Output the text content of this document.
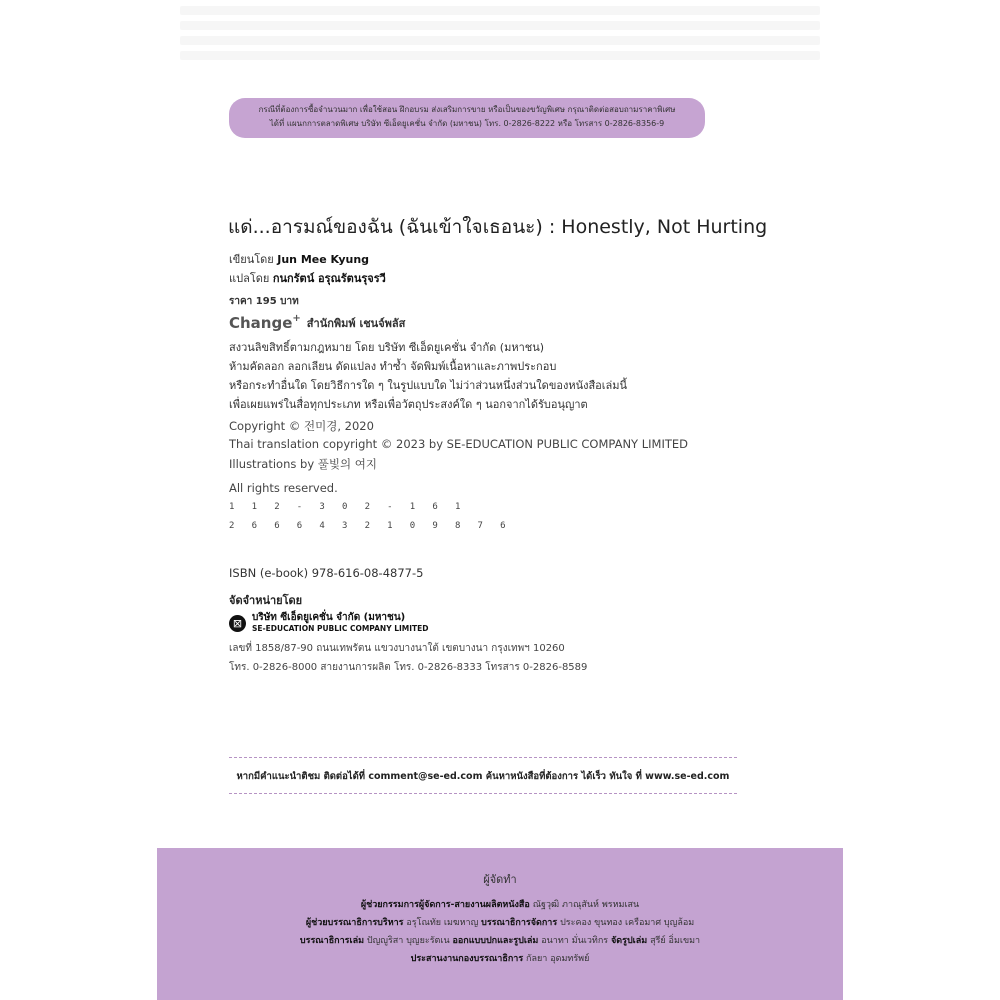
กรณีที่ต้องการซื้อจำนวนมาก เพื่อใช้สอน ฝึกอบรม ส่งเสริมการขาย หรือเป็นของขวัญพิเศษ กรุณาติดต่อสอบถามราคาพิเศษ
ได้ที่ แผนกการตลาดพิเศษ บริษัท ซีเอ็ดยูเคชั่น จำกัด (มหาชน) โทร. 0-2826-8222 หรือ โทรสาร 0-2826-8356-9
แด่...อารมณ์ของฉัน (ฉันเข้าใจเธอนะ) : Honestly, Not Hurting
เขียนโดย Jun Mee Kyung
แปลโดย กนกรัตน์ อรุณรัตนรุจรวี
ราคา 195 บาท
Change+ สำนักพิมพ์ เชนจ์พลัส
สงวนลิขสิทธิ์ตามกฎหมาย โดย บริษัท ซีเอ็ดยูเคชั่น จำกัด (มหาชน)
ห้ามคัดลอก ลอกเลียน ดัดแปลง ทำซ้ำ จัดพิมพ์เนื้อหาและภาพประกอบ
หรือกระทำอื่นใด โดยวิธีการใด ๆ ในรูปแบบใด ไม่ว่าส่วนหนึ่งส่วนใดของหนังสือเล่มนี้
เพื่อเผยแพร่ในสื่อทุกประเภท หรือเพื่อวัตถุประสงค์ใด ๆ นอกจากได้รับอนุญาต
Copyright © 전미경, 2020
Thai translation copyright © 2023 by SE-EDUCATION PUBLIC COMPANY LIMITED
Illustrations by 풀빛의 여지
All rights reserved.
1	1	2	-	3	0	2	-	1	6	1
2	6	6	6	4	3	2	1	0	9	8	7	6
ISBN (e-book) 978-616-08-4877-5
จัดจำหน่ายโดย
⊠ บริษัท ซีเอ็ดยูเคชั่น จำกัด (มหาชน)
SE-EDUCATION PUBLIC COMPANY LIMITED
เลขที่ 1858/87-90 ถนนเทพรัตน แขวงบางนาใต้ เขตบางนา กรุงเทพฯ 10260
โทร. 0-2826-8000 สายงานการผลิต โทร. 0-2826-8333 โทรสาร 0-2826-8589
หากมีคำแนะนำติชม ติดต่อได้ที่ comment@se-ed.com ค้นหาหนังสือที่ต้องการ ได้เร็ว ทันใจ ที่ www.se-ed.com
ผู้จัดทำ
ผู้ช่วยกรรมการผู้จัดการ-สายงานผลิตหนังสือ ณัฐวุฒิ ภาณุสันห์ พรหมเสน
ผู้ช่วยบรรณาธิการบริหาร อรุโณทัย เมฆหาญ บรรณาธิการจัดการ ประคอง ขุนทอง เครือมาศ บุญล้อม
บรรณาธิการเล่ม ปัญญูริสา บุญยะรัตเน ออกแบบปกและรูปเล่ม อนาทา มั่นเวทิกร จัดรูปเล่ม สุรีย์ อิ่มเขมา
ประสานงานกองบรรณาธิการ กัลยา อุดมทรัพย์
